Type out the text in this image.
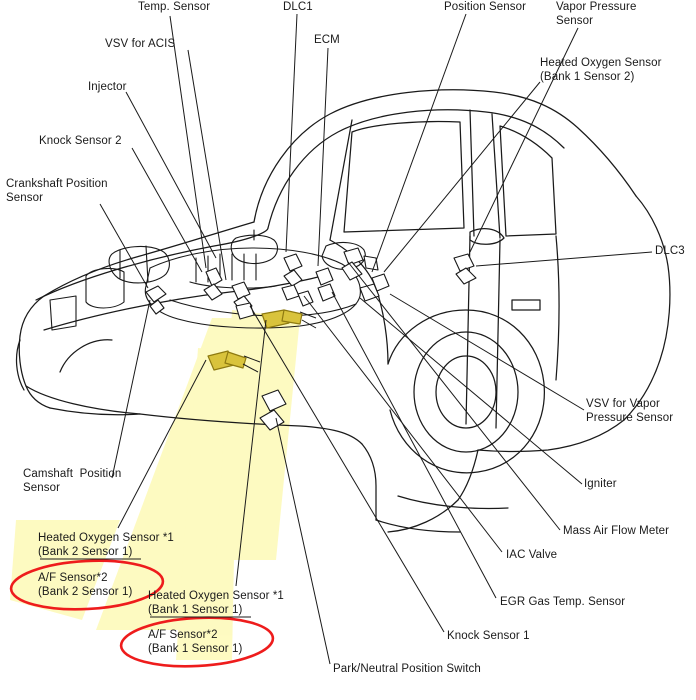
Temp. Sensor	DLC1	Position Sensor	Vapor Pressure
Sensor
VSV for ACIS	ECM
Heated Oxygen Sensor
(Bank 1 Sensor 2)
Injector
Knock Sensor 2
Crankshaft Position
Sensor
DLC3
VSV for Vapor
Pressure Sensor
Camshaft  Position
Sensor	Igniter
Mass Air Flow Meter
Heated Oxygen Sensor *1
(Bank 2 Sensor 1)	IAC Valve
A/F Sensor*2
(Bank 2 Sensor 1) Heated Oxygen Sensor *1
(Bank 1 Sensor 1)
EGR Gas Temp. Sensor
Knock Sensor 1
A/F Sensor*2
(Bank 1 Sensor 1)
Park/Neutral Position Switch
